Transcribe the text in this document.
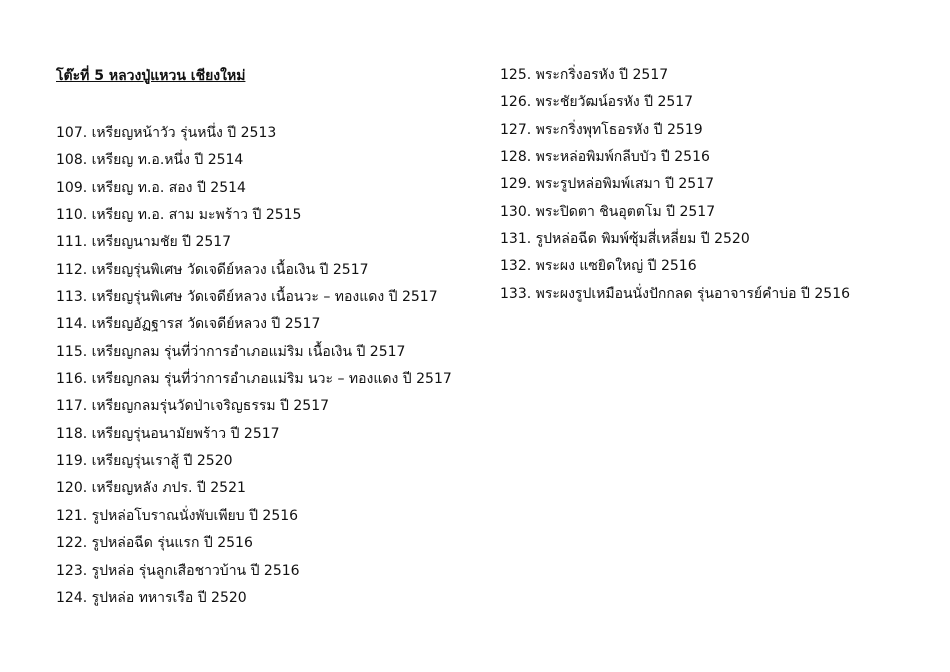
โต๊ะที่ 5 หลวงปู่แหวน เชียงใหม่
107. เหรียญหน้าวัว รุ่นหนึ่ง ปี 2513
108. เหรียญ ท.อ.หนึ่ง ปี 2514
109. เหรียญ ท.อ. สอง ปี 2514
110. เหรียญ ท.อ. สาม มะพร้าว ปี 2515
111. เหรียญนามชัย ปี 2517
112. เหรียญรุ่นพิเศษ วัดเจดีย์หลวง เนื้อเงิน ปี 2517
113. เหรียญรุ่นพิเศษ วัดเจดีย์หลวง เนื้อนวะ – ทองแดง ปี 2517
114. เหรียญอัฏฐารส วัดเจดีย์หลวง ปี 2517
115. เหรียญกลม รุ่นที่ว่าการอำเภอแม่ริม เนื้อเงิน ปี 2517
116. เหรียญกลม รุ่นที่ว่าการอำเภอแม่ริม นวะ – ทองแดง ปี 2517
117. เหรียญกลมรุ่นวัดป่าเจริญธรรม ปี 2517
118. เหรียญรุ่นอนามัยพร้าว ปี 2517
119. เหรียญรุ่นเราสู้ ปี 2520
120. เหรียญหลัง ภปร. ปี 2521
121. รูปหล่อโบราณนั่งพับเพียบ ปี 2516
122. รูปหล่อฉีด รุ่นแรก ปี 2516
123. รูปหล่อ รุ่นลูกเสือชาวบ้าน ปี 2516
124. รูปหล่อ ทหารเรือ ปี 2520
125. พระกริ่งอรหัง ปี 2517
126. พระชัยวัฒน์อรหัง ปี 2517
127. พระกริ่งพุทโธอรหัง ปี 2519
128. พระหล่อพิมพ์กลีบบัว ปี 2516
129. พระรูปหล่อพิมพ์เสมา ปี 2517
130. พระปิดตา ชินอุตตโม ปี 2517
131. รูปหล่อฉีด พิมพ์ซุ้มสี่เหลี่ยม ปี 2520
132. พระผง แซยิดใหญ่ ปี 2516
133. พระผงรูปเหมือนนั่งปักกลด รุ่นอาจารย์คำบ่อ ปี 2516
